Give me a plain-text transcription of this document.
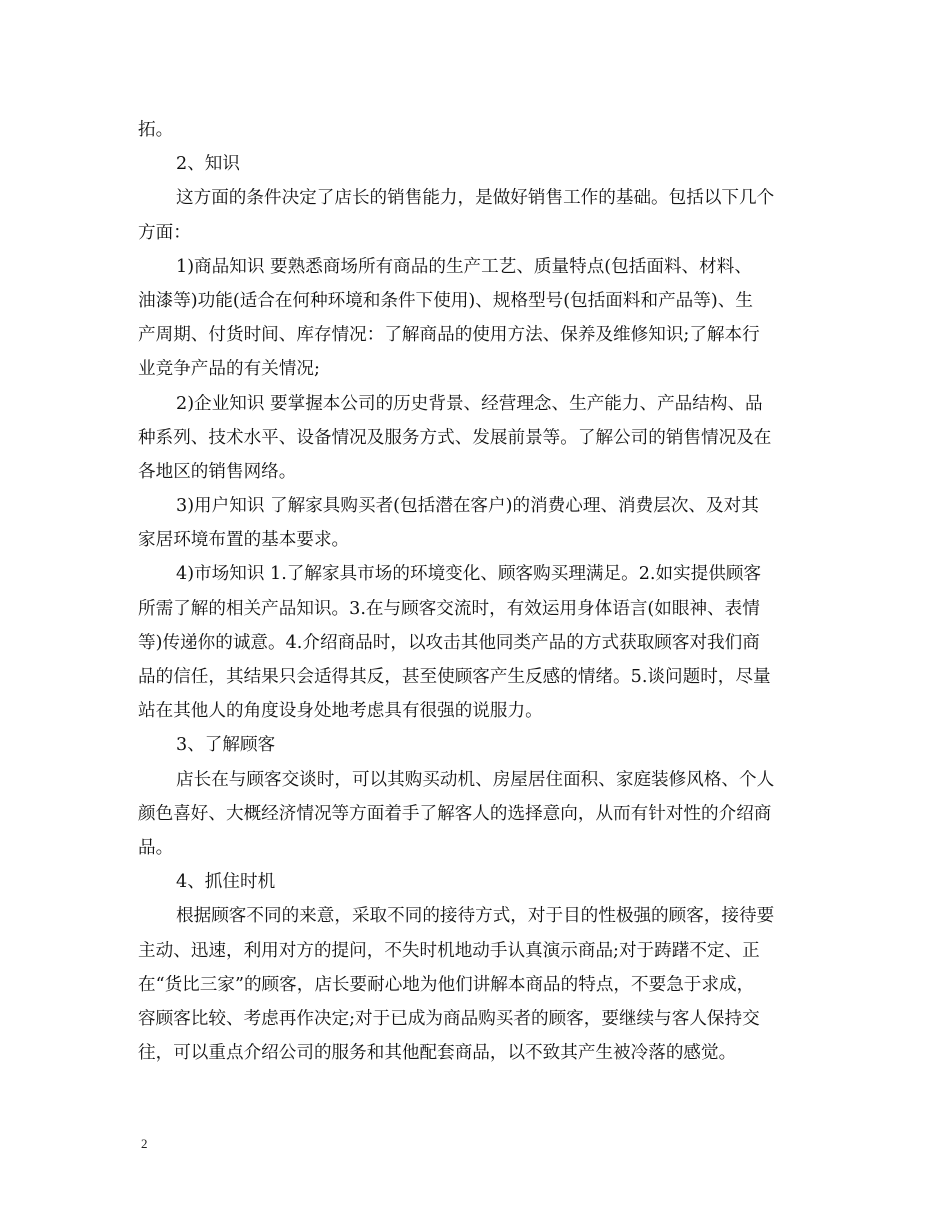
拓。
2、知识
这方面的条件决定了店长的销售能力，是做好销售工作的基础。包括以下几个
方面：
1)商品知识 要熟悉商场所有商品的生产工艺、质量特点(包括面料、材料、
油漆等)功能(适合在何种环境和条件下使用)、规格型号(包括面料和产品等)、生
产周期、付货时间、库存情况：了解商品的使用方法、保养及维修知识;了解本行
业竞争产品的有关情况;
2)企业知识 要掌握本公司的历史背景、经营理念、生产能力、产品结构、品
种系列、技术水平、设备情况及服务方式、发展前景等。了解公司的销售情况及在
各地区的销售网络。
3)用户知识 了解家具购买者(包括潜在客户)的消费心理、消费层次、及对其
家居环境布置的基本要求。
4)市场知识 1.了解家具市场的环境变化、顾客购买理满足。2.如实提供顾客
所需了解的相关产品知识。3.在与顾客交流时，有效运用身体语言(如眼神、表情
等)传递你的诚意。4.介绍商品时，以攻击其他同类产品的方式获取顾客对我们商
品的信任，其结果只会适得其反，甚至使顾客产生反感的情绪。5.谈问题时，尽量
站在其他人的角度设身处地考虑具有很强的说服力。
3、了解顾客
店长在与顾客交谈时，可以其购买动机、房屋居住面积、家庭装修风格、个人
颜色喜好、大概经济情况等方面着手了解客人的选择意向，从而有针对性的介绍商
品。
4、抓住时机
根据顾客不同的来意，采取不同的接待方式，对于目的性极强的顾客，接待要
主动、迅速，利用对方的提问，不失时机地动手认真演示商品;对于踌躇不定、正
在“货比三家”的顾客，店长要耐心地为他们讲解本商品的特点，不要急于求成，
容顾客比较、考虑再作决定;对于已成为商品购买者的顾客，要继续与客人保持交
往，可以重点介绍公司的服务和其他配套商品，以不致其产生被冷落的感觉。
2
